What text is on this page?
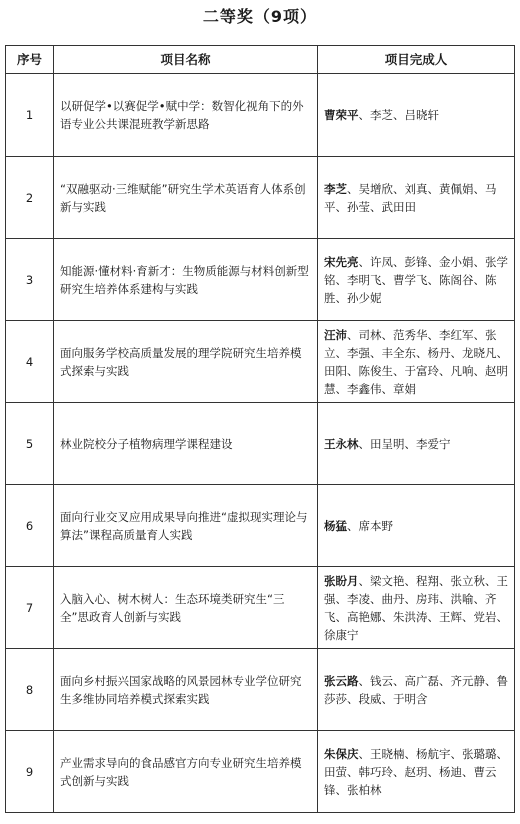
二等奖（9项）
序号	项目名称	项目完成人
1	以研促学•以赛促学•赋中学：数智化视角下的外语专业公共课混班教学新思路	曹荣平、李芝、吕晓轩
2	“双融驱动·三维赋能”研究生学术英语育人体系创新与实践	李芝、吴增欣、刘真、黄佩娟、马平、孙莹、武田田
3	知能源·懂材料·育新才：生物质能源与材料创新型研究生培养体系建构与实践	宋先亮、许凤、彭锋、金小娟、张学铭、李明飞、曹学飞、陈阁谷、陈胜、孙少妮
4	面向服务学校高质量发展的理学院研究生培养模式探索与实践	汪沛、司林、范秀华、李红军、张立、李强、丰全东、杨丹、龙晓凡、田阳、陈俊生、于富玲、凡响、赵明慧、李鑫伟、章娟
5	林业院校分子植物病理学课程建设	王永林、田呈明、李爱宁
6	面向行业交叉应用成果导向推进“虚拟现实理论与算法”课程高质量育人实践	杨猛、席本野
7	入脑入心、树木树人：生态环境类研究生“三全”思政育人创新与实践	张盼月、梁文艳、程翔、张立秋、王强、李凌、曲丹、房玮、洪喻、齐飞、高艳娜、朱洪涛、王辉、党岩、徐康宁
8	面向乡村振兴国家战略的风景园林专业学位研究生多维协同培养模式探索实践	张云路、钱云、高广磊、齐元静、鲁莎莎、段威、于明含
9	产业需求导向的食品感官方向专业研究生培养模式创新与实践	朱保庆、王晓楠、杨航宇、张璐璐、田萤、韩巧玲、赵玥、杨迪、曹云锋、张柏林
